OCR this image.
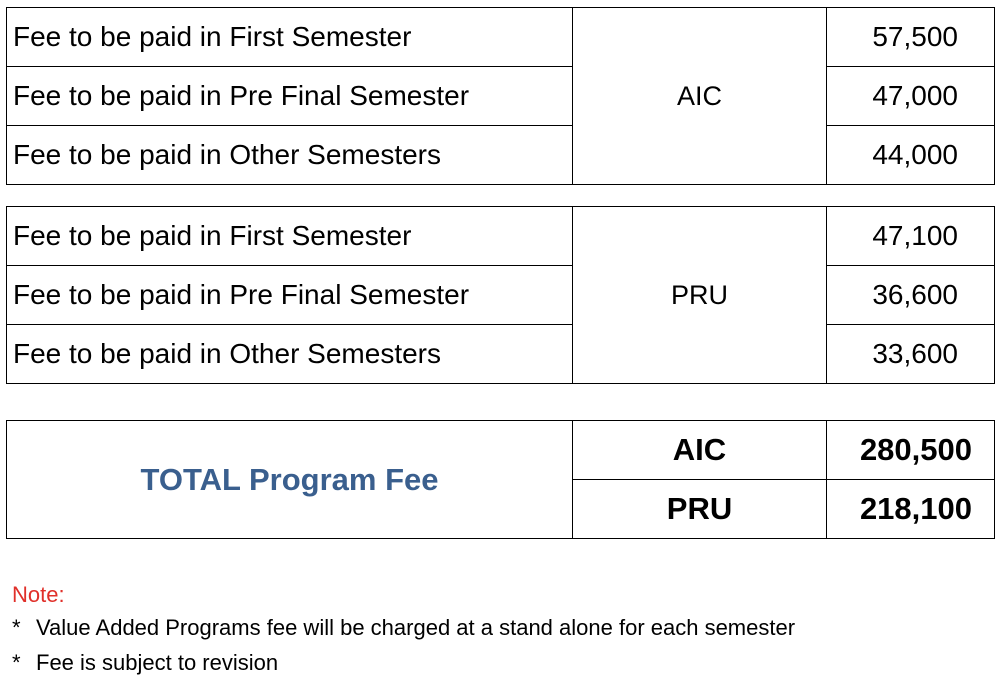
Fee to be paid in First Semester	AIC	57,500
Fee to be paid in Pre Final Semester		47,000
Fee to be paid in Other Semesters		44,000
Fee to be paid in First Semester	PRU	47,100
Fee to be paid in Pre Final Semester		36,600
Fee to be paid in Other Semesters		33,600
TOTAL Program Fee	AIC	280,500
	PRU	218,100
Note:
* Value Added Programs fee will be charged at a stand alone for each semester
* Fee is subject to revision
